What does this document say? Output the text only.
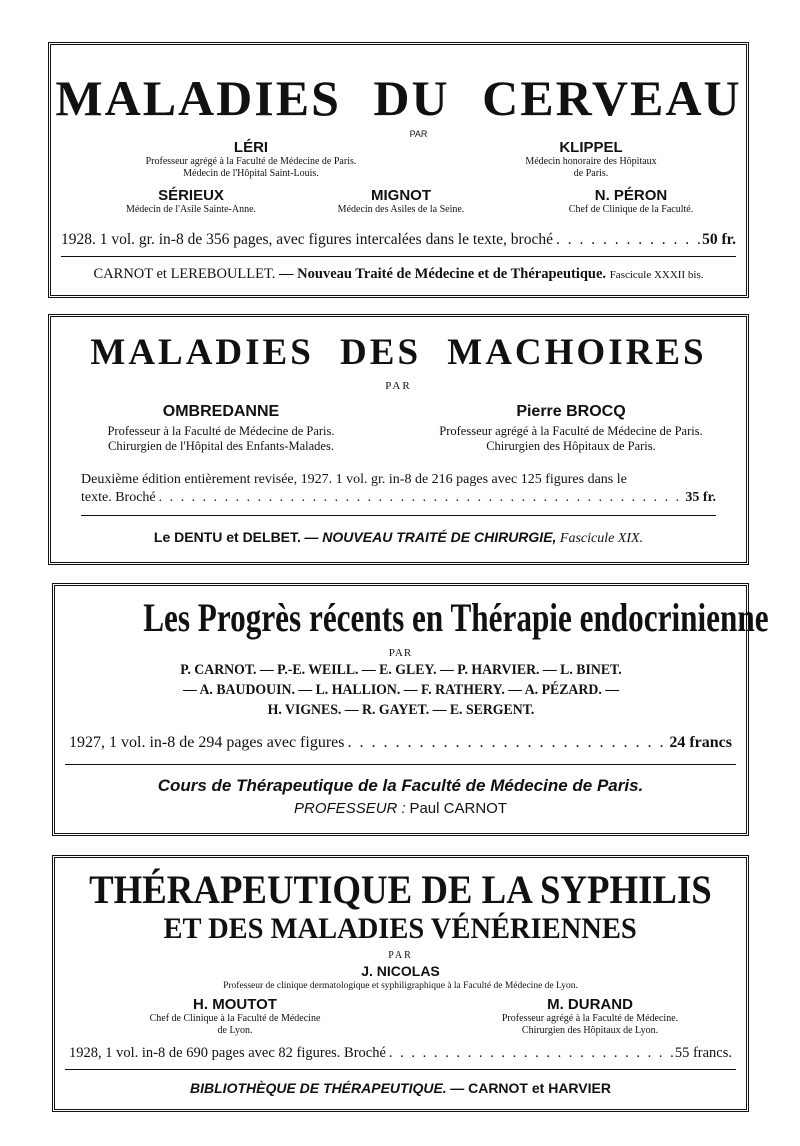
MALADIES DU CERVEAU
PAR
LÉRI
Professeur agrégé à la Faculté de Médecine de Paris.
Médecin de l'Hôpital Saint-Louis.
KLIPPEL
Médecin honoraire des Hôpitaux
de Paris.
SÉRIEUX
Médecin de l'Asile Sainte-Anne.
MIGNOT
Médecin des Asiles de la Seine.
N. PÉRON
Chef de Clinique de la Faculté.
1928. 1 vol. gr. in-8 de 356 pages, avec figures intercalées dans le texte, broché . . .	50 fr.
CARNOT et LEREBOULLET. — Nouveau Traité de Médecine et de Thérapeutique. Fascicule XXXII bis.
MALADIES DES MACHOIRES
PAR
OMBREDANNE
Professeur à la Faculté de Médecine de Paris.
Chirurgien de l'Hôpital des Enfants-Malades.
Pierre BROCQ
Professeur agrégé à la Faculté de Médecine de Paris.
Chirurgien des Hôpitaux de Paris.
Deuxième édition entièrement revisée, 1927. 1 vol. gr. in-8 de 216 pages avec 125 figures dans le
texte. Broché . . .	35 fr.
Le DENTU et DELBET. — NOUVEAU TRAITÉ DE CHIRURGIE, Fascicule XIX.
Les Progrès récents en Thérapie endocrinienne
PAR
P. CARNOT. — P.-E. WEILL. — E. GLEY. — P. HARVIER. — L. BINET.
— A. BAUDOUIN. — L. HALLION. — F. RATHERY. — A. PÉZARD. —
H. VIGNES. — R. GAYET. — E. SERGENT.
1927, 1 vol. in-8 de 294 pages avec figures . . .	24 francs
Cours de Thérapeutique de la Faculté de Médecine de Paris.
PROFESSEUR : Paul CARNOT
THÉRAPEUTIQUE DE LA SYPHILIS
ET DES MALADIES VÉNÉRIENNES
PAR
J. NICOLAS
Professeur de clinique dermatologique et syphiligraphique à la Faculté de Médecine de Lyon.
H. MOUTOT
Chef de Clinique à la Faculté de Médecine
de Lyon.
M. DURAND
Professeur agrégé à la Faculté de Médecine.
Chirurgien des Hôpitaux de Lyon.
1928, 1 vol. in-8 de 690 pages avec 82 figures. Broché . . .	55 francs.
BIBLIOTHÈQUE DE THÉRAPEUTIQUE. — CARNOT et HARVIER
